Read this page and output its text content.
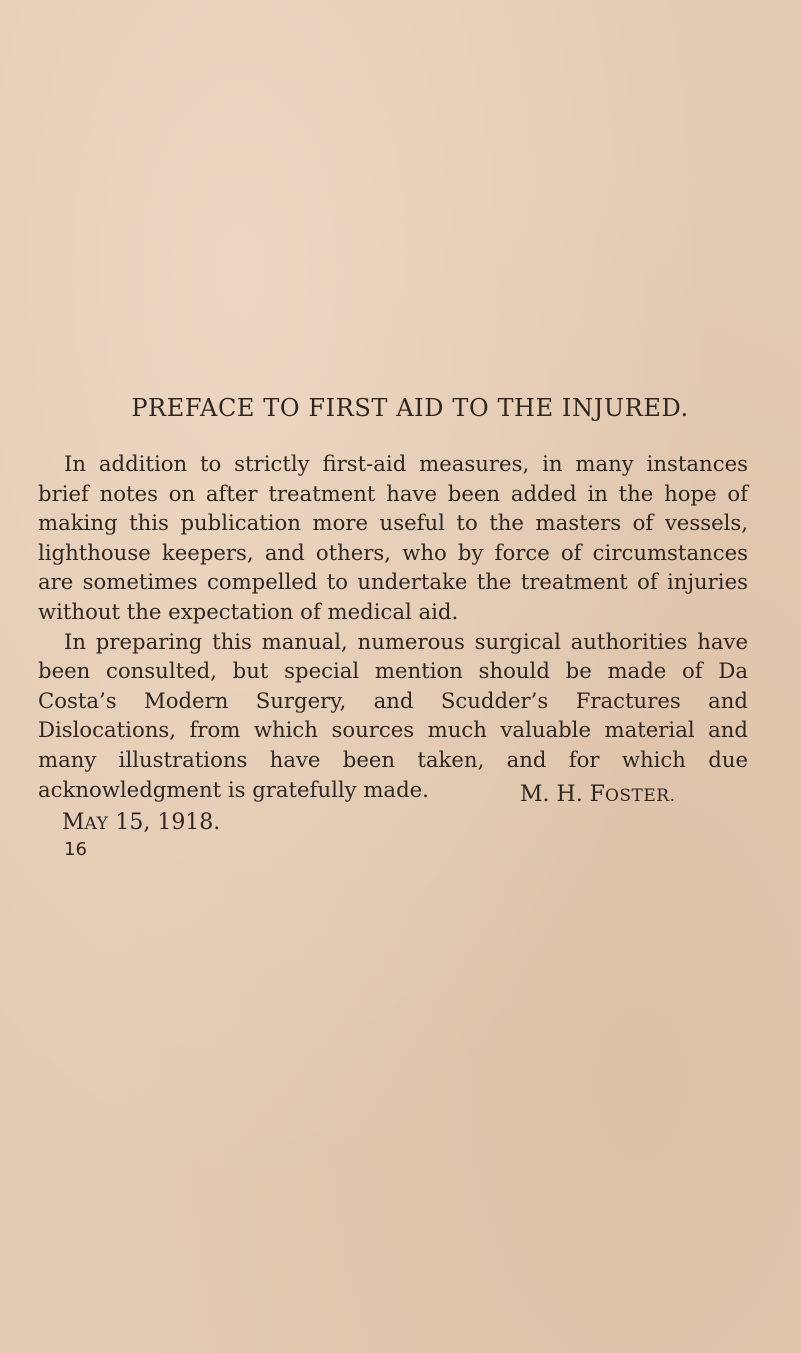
PREFACE TO FIRST AID TO THE INJURED.

In addition to strictly first-aid measures, in many instances brief notes on after treatment have been added in the hope of making this publication more useful to the masters of vessels, lighthouse keepers, and others, who by force of circumstances are sometimes compelled to undertake the treatment of injuries without the expectation of medical aid.

In preparing this manual, numerous surgical authorities have been consulted, but special mention should be made of Da Costa’s Modern Surgery, and Scudder’s Fractures and Dislocations, from which sources much valuable material and many illustrations have been taken, and for which due acknowledgment is gratefully made.	M. H. FOSTER.
MAY 15, 1918.
16
